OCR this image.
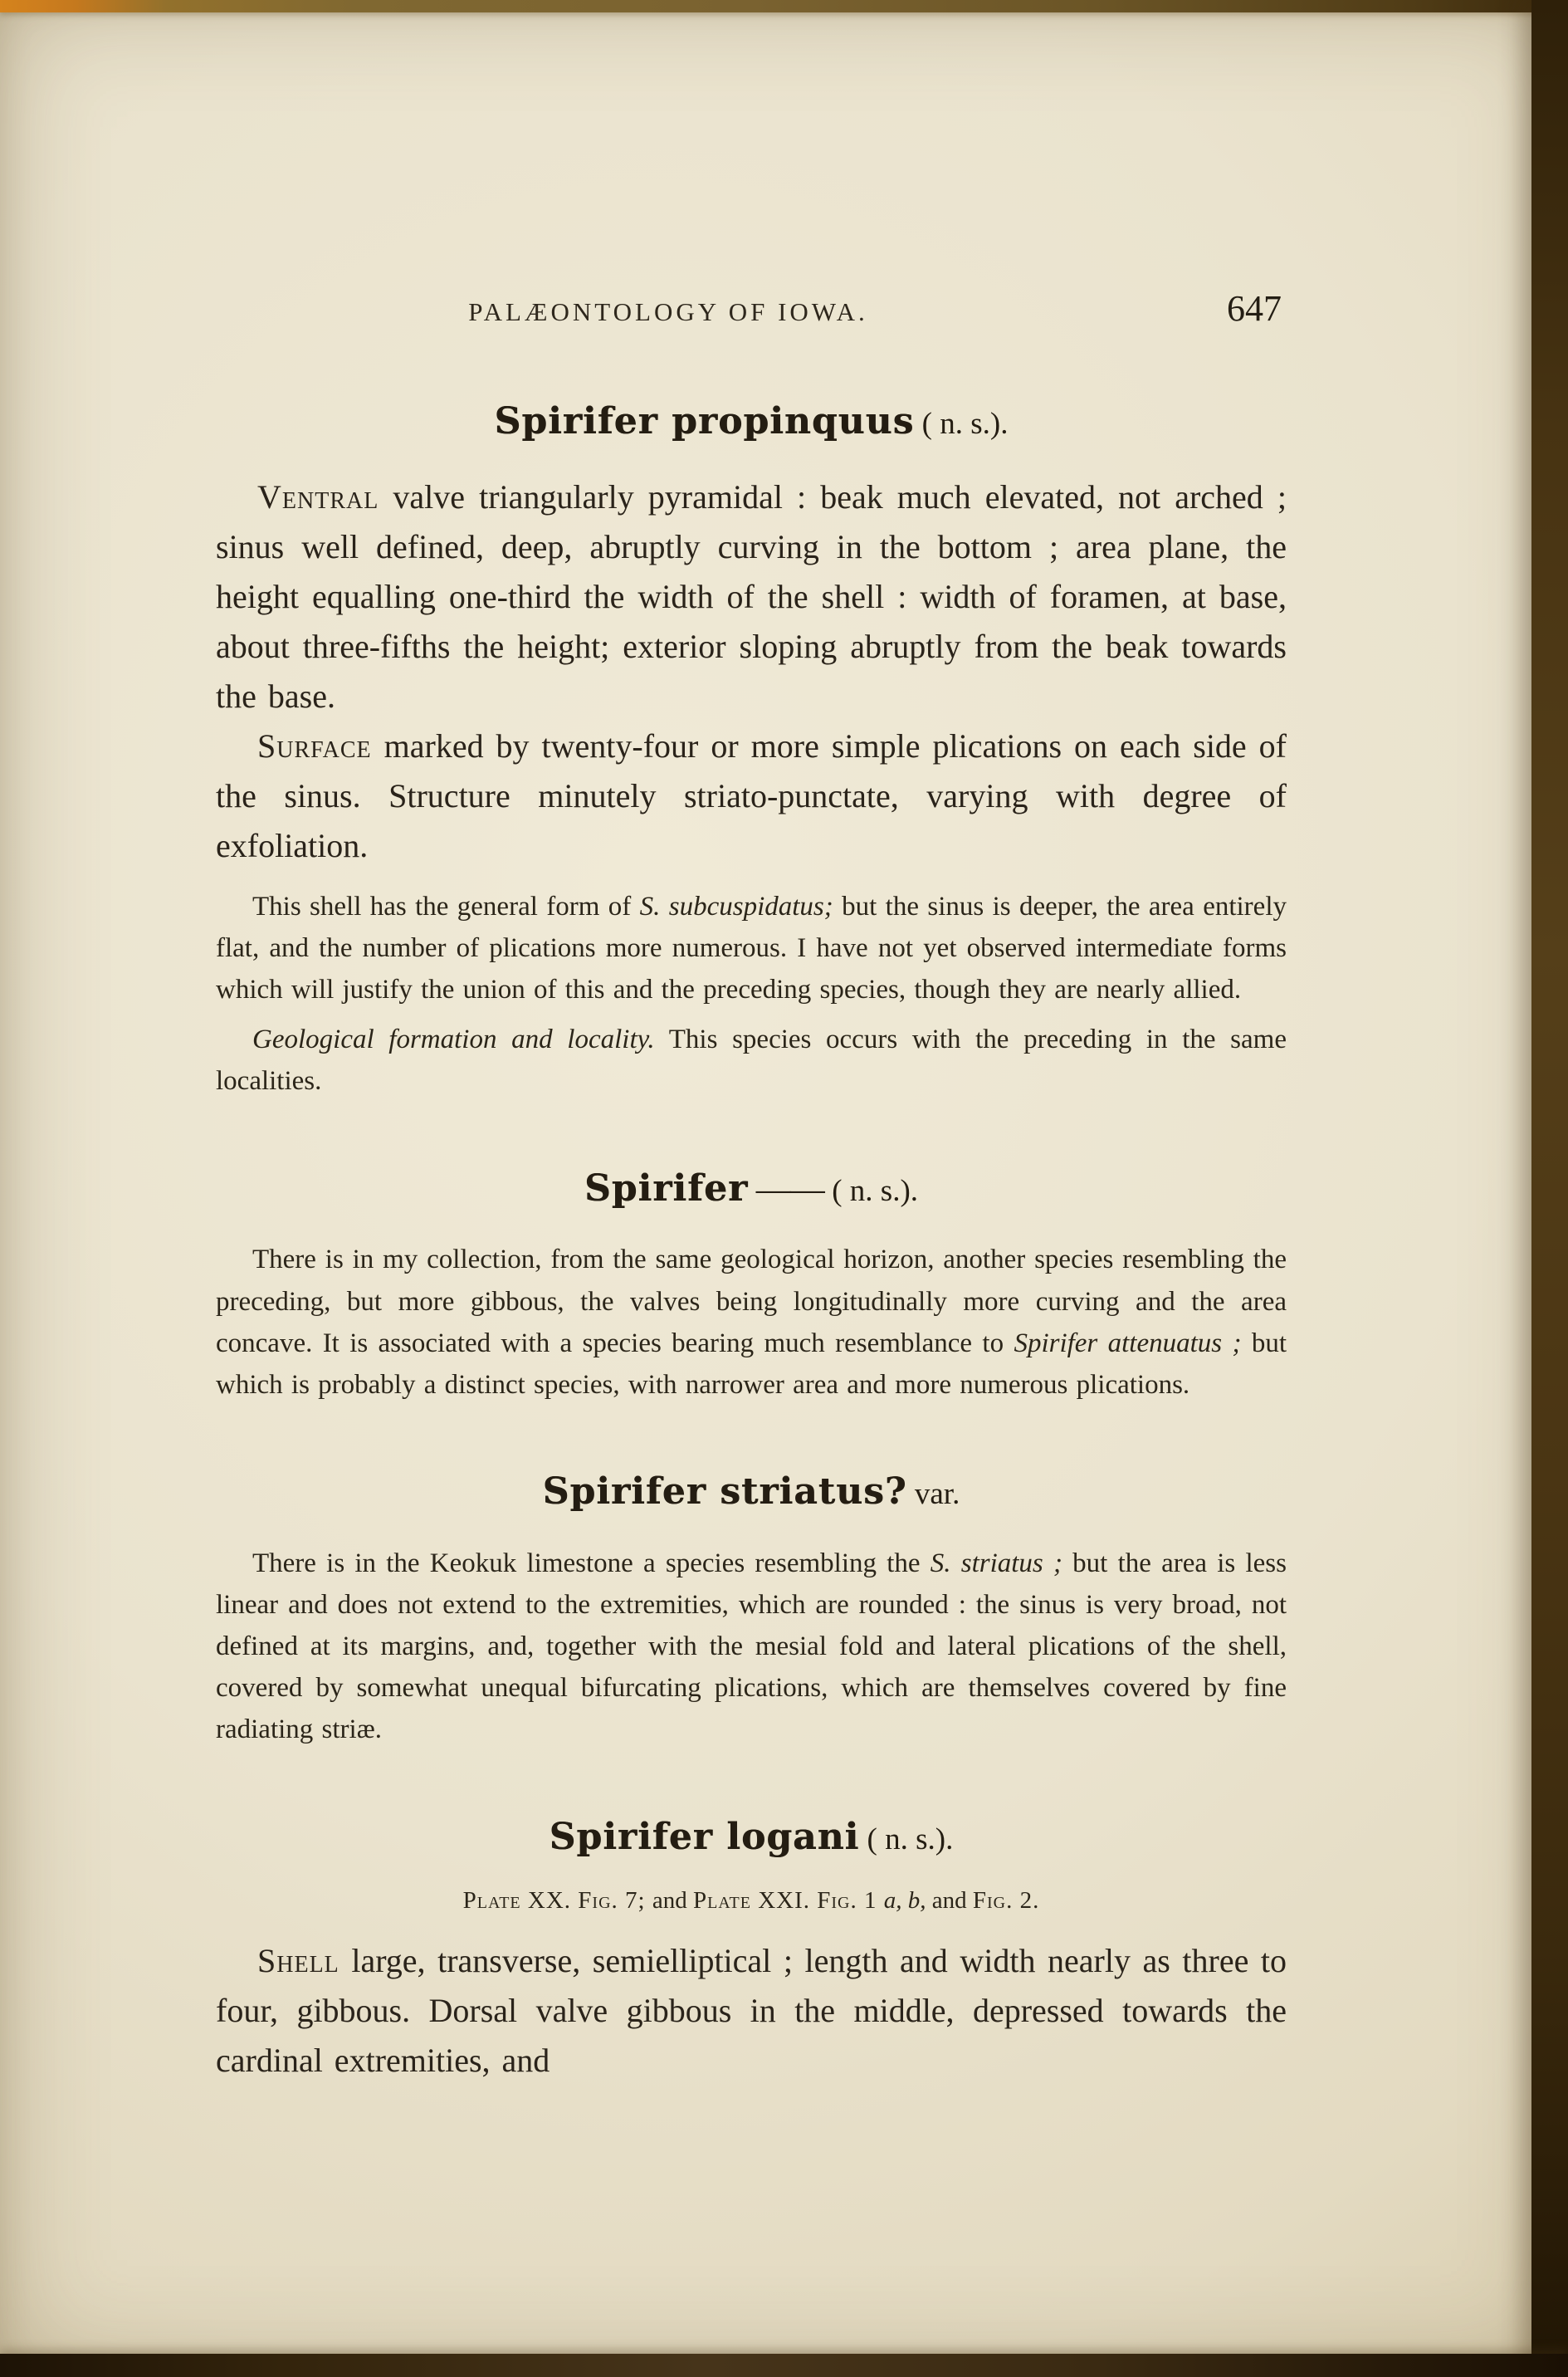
PALÆONTOLOGY OF IOWA.	647
Spirifer propinquus ( n. s.).

Ventral valve triangularly pyramidal : beak much elevated, not arched ; sinus well defined, deep, abruptly curving in the bottom ; area plane, the height equalling one-third the width of the shell : width of foramen, at base, about three-fifths the height; exterior sloping abruptly from the beak towards the base.

Surface marked by twenty-four or more simple plications on each side of the sinus. Structure minutely striato-punctate, varying with degree of exfoliation.

This shell has the general form of S. subcuspidatus; but the sinus is deeper, the area entirely flat, and the number of plications more numerous. I have not yet observed intermediate forms which will justify the union of this and the preceding species, though they are nearly allied.

Geological formation and locality. This species occurs with the preceding in the same localities.

Spirifer —— ( n. s.).

There is in my collection, from the same geological horizon, another species resembling the preceding, but more gibbous, the valves being longitudinally more curving and the area concave. It is associated with a species bearing much resemblance to Spirifer attenuatus ; but which is probably a distinct species, with narrower area and more numerous plications.

Spirifer striatus? var.

There is in the Keokuk limestone a species resembling the S. striatus ; but the area is less linear and does not extend to the extremities, which are rounded : the sinus is very broad, not defined at its margins, and, together with the mesial fold and lateral plications of the shell, covered by somewhat unequal bifurcating plications, which are themselves covered by fine radiating striæ.

Spirifer logani ( n. s.).

Plate XX. Fig. 7; and Plate XXI. Fig. 1 a, b, and Fig. 2.

Shell large, transverse, semielliptical ; length and width nearly as three to four, gibbous. Dorsal valve gibbous in the middle, depressed towards the cardinal extremities, and
